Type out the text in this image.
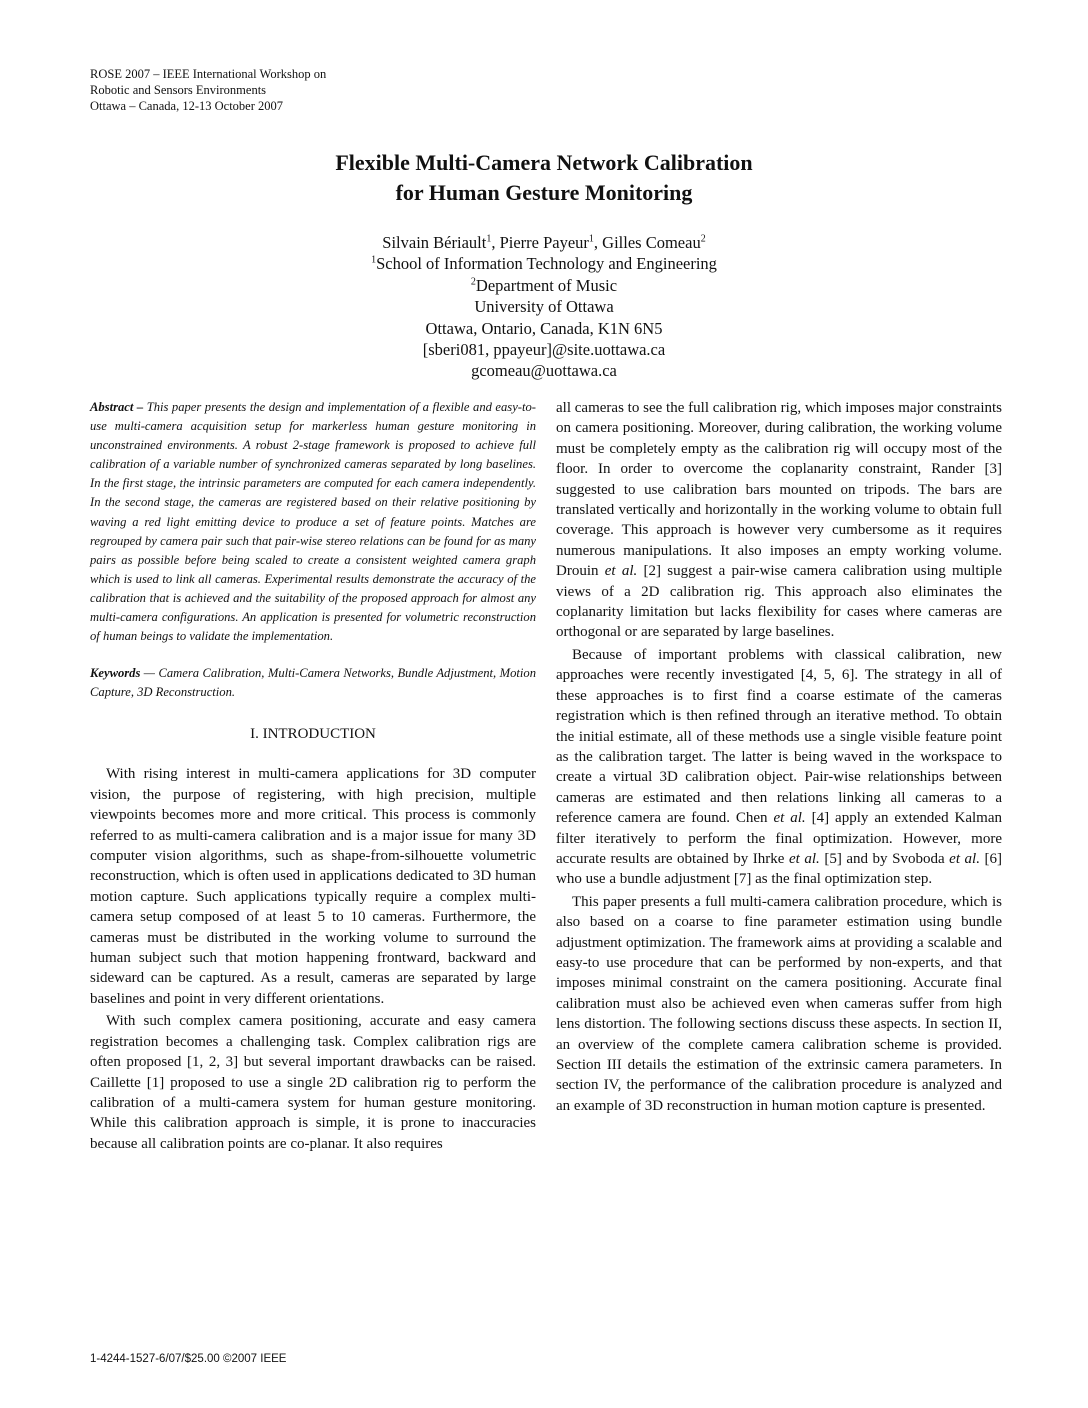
ROSE 2007 – IEEE International Workshop on
Robotic and Sensors Environments
Ottawa – Canada, 12-13 October 2007
Flexible Multi-Camera Network Calibration
for Human Gesture Monitoring
Silvain Bériault$^1$, Pierre Payeur$^1$, Gilles Comeau$^2$
$^1$School of Information Technology and Engineering
$^2$Department of Music
University of Ottawa
Ottawa, Ontario, Canada, K1N 6N5
[sberi081, ppayeur]@site.uottawa.ca
gcomeau@uottawa.ca

Abstract – This paper presents the design and implementation of a flexible and easy-to-use multi-camera acquisition setup for markerless human gesture monitoring in unconstrained environments. A robust 2-stage framework is proposed to achieve full calibration of a variable number of synchronized cameras separated by long baselines. In the first stage, the intrinsic parameters are computed for each camera independently. In the second stage, the cameras are registered based on their relative positioning by waving a red light emitting device to produce a set of feature points. Matches are regrouped by camera pair such that pair-wise stereo relations can be found for as many pairs as possible before being scaled to create a consistent weighted camera graph which is used to link all cameras. Experimental results demonstrate the accuracy of the calibration that is achieved and the suitability of the proposed approach for almost any multi-camera configurations. An application is presented for volumetric reconstruction of human beings to validate the implementation.

Keywords — Camera Calibration, Multi-Camera Networks, Bundle Adjustment, Motion Capture, 3D Reconstruction.

I. INTRODUCTION

With rising interest in multi-camera applications for 3D computer vision, the purpose of registering, with high precision, multiple viewpoints becomes more and more critical. This process is commonly referred to as multi-camera calibration and is a major issue for many 3D computer vision algorithms, such as shape-from-silhouette volumetric reconstruction, which is often used in applications dedicated to 3D human motion capture. Such applications typically require a complex multi-camera setup composed of at least 5 to 10 cameras. Furthermore, the cameras must be distributed in the working volume to surround the human subject such that motion happening frontward, backward and sideward can be captured. As a result, cameras are separated by large baselines and point in very different orientations.

With such complex camera positioning, accurate and easy camera registration becomes a challenging task. Complex calibration rigs are often proposed [1, 2, 3] but several important drawbacks can be raised. Caillette [1] proposed to use a single 2D calibration rig to perform the calibration of a multi-camera system for human gesture monitoring. While this calibration approach is simple, it is prone to inaccuracies because all calibration points are co-planar. It also requires

all cameras to see the full calibration rig, which imposes major constraints on camera positioning. Moreover, during calibration, the working volume must be completely empty as the calibration rig will occupy most of the floor. In order to overcome the coplanarity constraint, Rander [3] suggested to use calibration bars mounted on tripods. The bars are translated vertically and horizontally in the working volume to obtain full coverage. This approach is however very cumbersome as it requires numerous manipulations. It also imposes an empty working volume. Drouin et al. [2] suggest a pair-wise camera calibration using multiple views of a 2D calibration rig. This approach also eliminates the coplanarity limitation but lacks flexibility for cases where cameras are orthogonal or are separated by large baselines.

Because of important problems with classical calibration, new approaches were recently investigated [4, 5, 6]. The strategy in all of these approaches is to first find a coarse estimate of the cameras registration which is then refined through an iterative method. To obtain the initial estimate, all of these methods use a single visible feature point as the calibration target. The latter is being waved in the workspace to create a virtual 3D calibration object. Pair-wise relationships between cameras are estimated and then relations linking all cameras to a reference camera are found. Chen et al. [4] apply an extended Kalman filter iteratively to perform the final optimization. However, more accurate results are obtained by Ihrke et al. [5] and by Svoboda et al. [6] who use a bundle adjustment [7] as the final optimization step.

This paper presents a full multi-camera calibration procedure, which is also based on a coarse to fine parameter estimation using bundle adjustment optimization. The framework aims at providing a scalable and easy-to use procedure that can be performed by non-experts, and that imposes minimal constraint on the camera positioning. Accurate final calibration must also be achieved even when cameras suffer from high lens distortion. The following sections discuss these aspects. In section II, an overview of the complete camera calibration scheme is provided. Section III details the estimation of the extrinsic camera parameters. In section IV, the performance of the calibration procedure is analyzed and an example of 3D reconstruction in human motion capture is presented.

1-4244-1527-6/07/$25.00 ©2007 IEEE
